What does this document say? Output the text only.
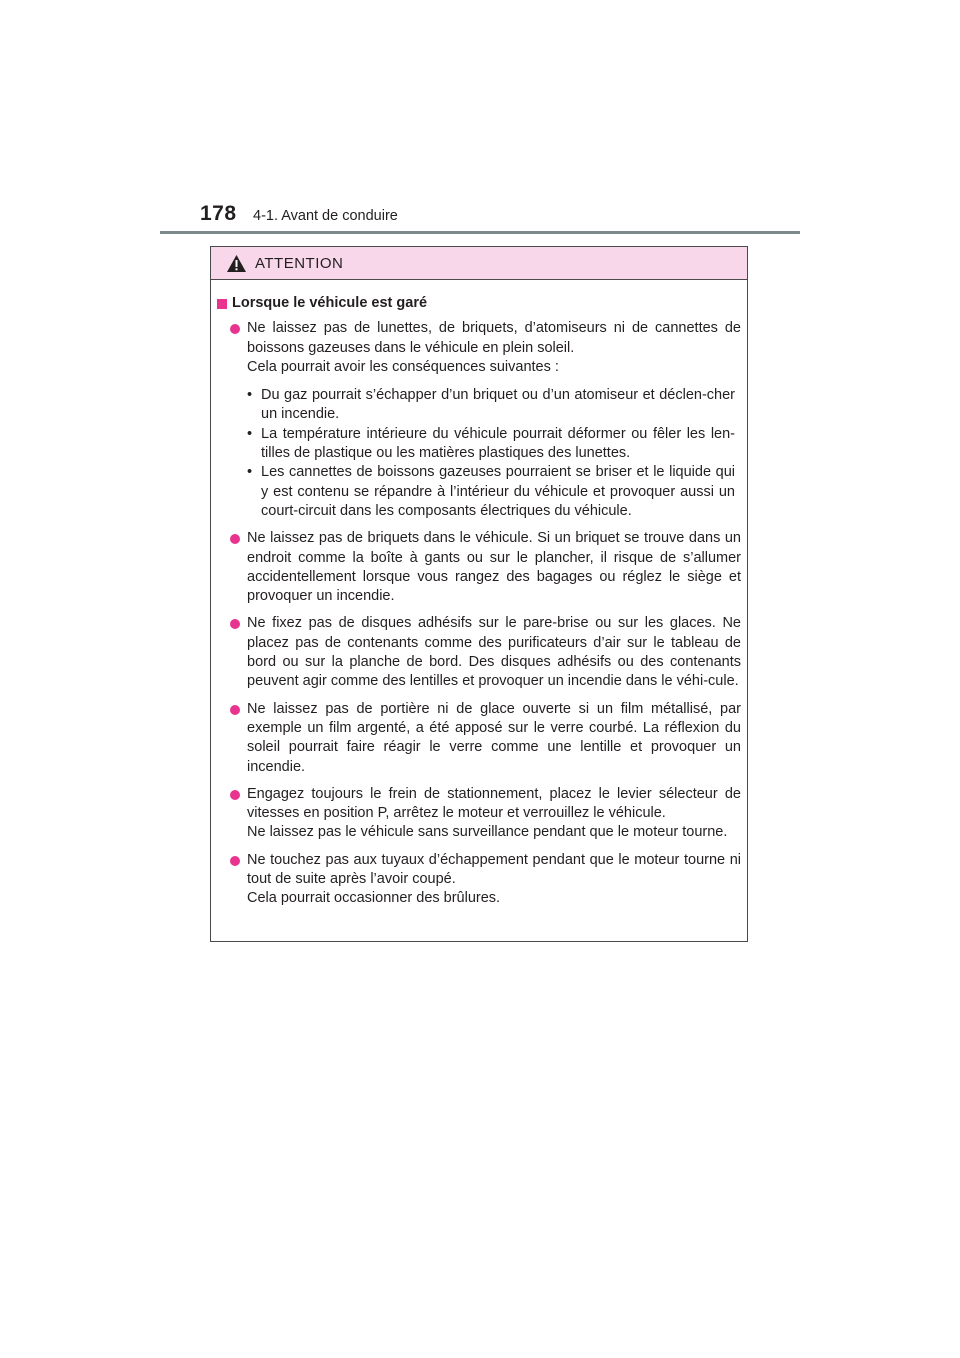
178 4-1. Avant de conduire
ATTENTION
Lorsque le véhicule est garé
Ne laissez pas de lunettes, de briquets, d’atomiseurs ni de cannettes de boissons gazeuses dans le véhicule en plein soleil.
Cela pourrait avoir les conséquences suivantes :
• Du gaz pourrait s’échapper d’un briquet ou d’un atomiseur et déclen-cher un incendie.
• La température intérieure du véhicule pourrait déformer ou fêler les len-tilles de plastique ou les matières plastiques des lunettes.
• Les cannettes de boissons gazeuses pourraient se briser et le liquide qui y est contenu se répandre à l’intérieur du véhicule et provoquer aussi un court-circuit dans les composants électriques du véhicule.
Ne laissez pas de briquets dans le véhicule. Si un briquet se trouve dans un endroit comme la boîte à gants ou sur le plancher, il risque de s’allumer accidentellement lorsque vous rangez des bagages ou réglez le siège et provoquer un incendie.
Ne fixez pas de disques adhésifs sur le pare-brise ou sur les glaces. Ne placez pas de contenants comme des purificateurs d’air sur le tableau de bord ou sur la planche de bord. Des disques adhésifs ou des contenants peuvent agir comme des lentilles et provoquer un incendie dans le véhi-cule.
Ne laissez pas de portière ni de glace ouverte si un film métallisé, par exemple un film argenté, a été apposé sur le verre courbé. La réflexion du soleil pourrait faire réagir le verre comme une lentille et provoquer un incendie.
Engagez toujours le frein de stationnement, placez le levier sélecteur de vitesses en position P, arrêtez le moteur et verrouillez le véhicule.
Ne laissez pas le véhicule sans surveillance pendant que le moteur tourne.
Ne touchez pas aux tuyaux d’échappement pendant que le moteur tourne ni tout de suite après l’avoir coupé.
Cela pourrait occasionner des brûlures.
